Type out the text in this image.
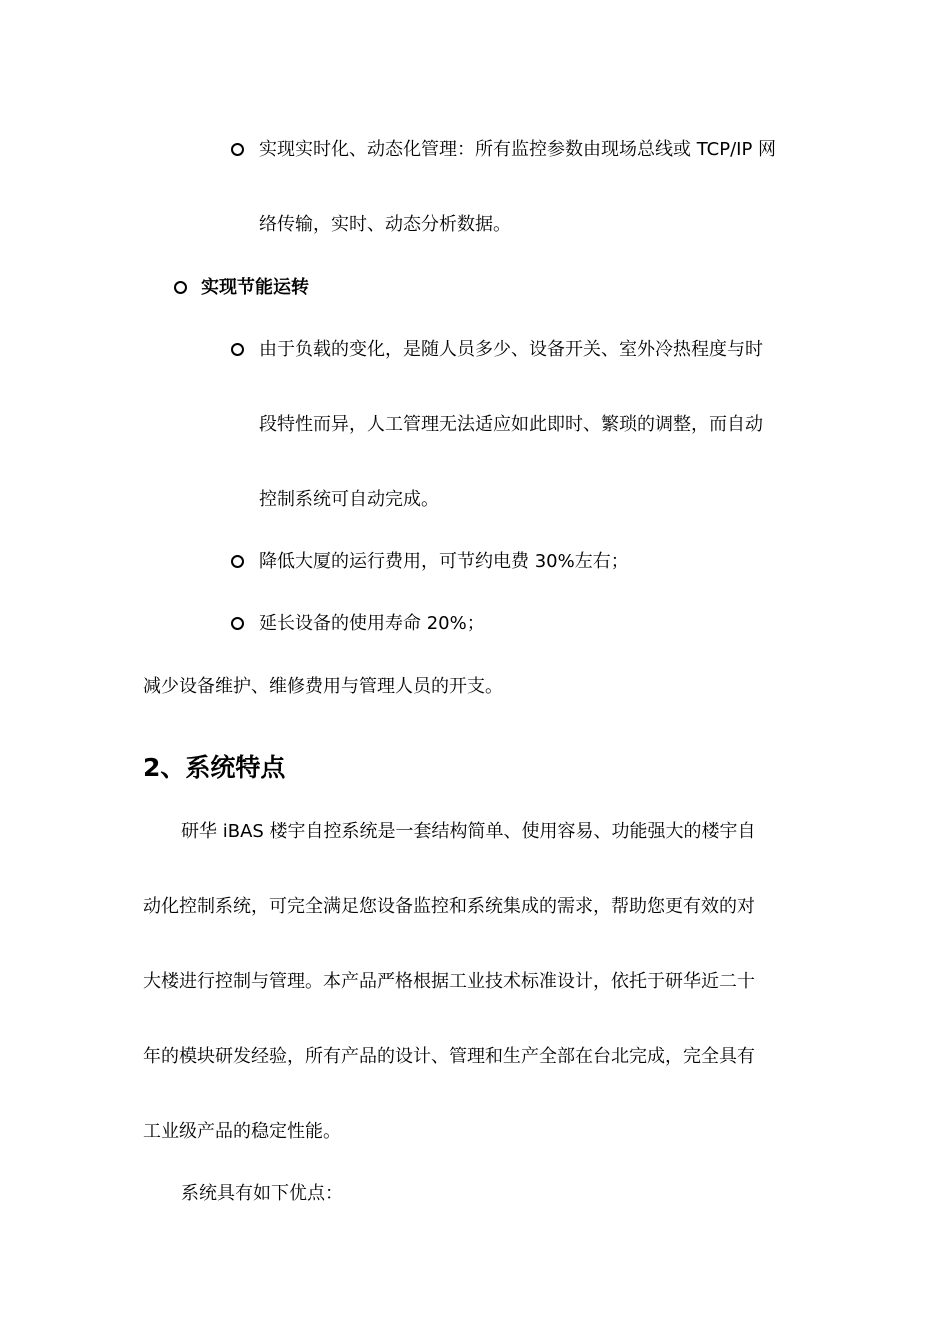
实现实时化、动态化管理：所有监控参数由现场总线或 TCP/IP 网
络传输，实时、动态分析数据。
实现节能运转
由于负载的变化，是随人员多少、设备开关、室外冷热程度与时
段特性而异，人工管理无法适应如此即时、繁琐的调整，而自动
控制系统可自动完成。
降低大厦的运行费用，可节约电费 30%左右；
延长设备的使用寿命 20%；
减少设备维护、维修费用与管理人员的开支。
2、系统特点
研华 iBAS 楼宇自控系统是一套结构简单、使用容易、功能强大的楼宇自
动化控制系统，可完全满足您设备监控和系统集成的需求，帮助您更有效的对
大楼进行控制与管理。本产品严格根据工业技术标准设计，依托于研华近二十
年的模块研发经验，所有产品的设计、管理和生产全部在台北完成，完全具有
工业级产品的稳定性能。
系统具有如下优点：
